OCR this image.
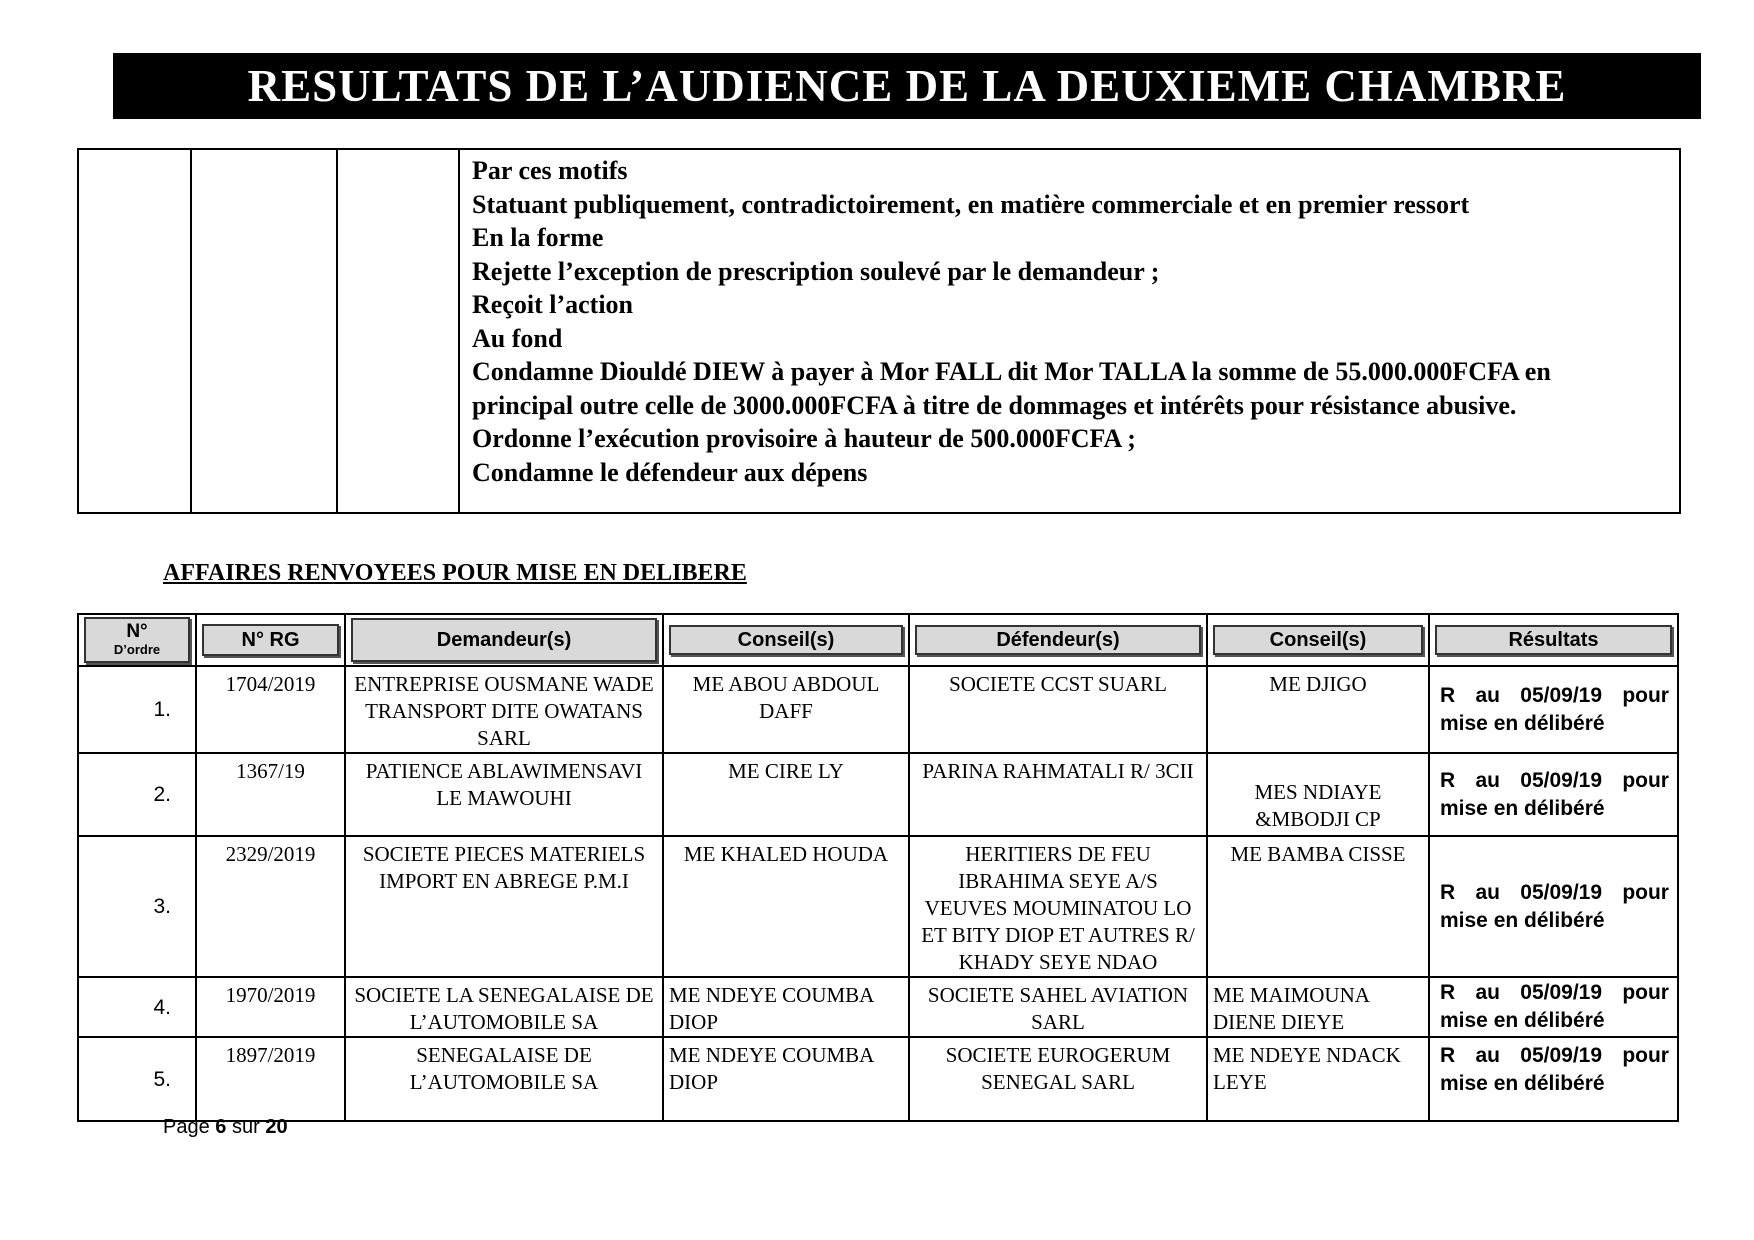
RESULTATS DE L’AUDIENCE DE LA DEUXIEME CHAMBRE

Par ces motifs
Statuant publiquement, contradictoirement, en matière commerciale et en premier ressort
En la forme
Rejette l’exception de prescription soulevé par le demandeur ;
Reçoit l’action
Au fond
Condamne Diouldé DIEW à payer à Mor FALL dit Mor TALLA la somme de 55.000.000FCFA en
principal outre celle de 3000.000FCFA à titre de dommages et intérêts pour résistance abusive.
Ordonne l’exécution provisoire à hauteur de 500.000FCFA ;
Condamne le défendeur aux dépens
AFFAIRES RENVOYEES POUR MISE EN DELIBERE
N°
D’ordre	N° RG	Demandeur(s)	Conseil(s)	Défendeur(s)	Conseil(s)	Résultats

1.	1704/2019	ENTREPRISE OUSMANE WADE TRANSPORT DITE OWATANS SARL	ME ABOU ABDOUL DAFF	SOCIETE CCST SUARL	ME DJIGO	R au 05/09/19 pour
mise en délibéré

2.	1367/19	PATIENCE ABLAWIMENSAVI LE MAWOUHI	ME CIRE LY	PARINA RAHMATALI R/ 3CII	MES NDIAYE &MBODJI CP	R au 05/09/19 pour
mise en délibéré

3.	2329/2019	SOCIETE PIECES MATERIELS IMPORT EN ABREGE P.M.I	ME KHALED HOUDA	HERITIERS DE FEU IBRAHIMA SEYE A/S VEUVES MOUMINATOU LO ET BITY DIOP ET AUTRES R/ KHADY SEYE NDAO	ME BAMBA CISSE	R au 05/09/19 pour
mise en délibéré

4.	1970/2019	SOCIETE LA SENEGALAISE DE L’AUTOMOBILE SA	ME NDEYE COUMBA DIOP	SOCIETE SAHEL AVIATION SARL	ME MAIMOUNA DIENE DIEYE	R au 05/09/19 pour
mise en délibéré

5.	1897/2019	SENEGALAISE DE L’AUTOMOBILE SA	ME NDEYE COUMBA DIOP	SOCIETE EUROGERUM SENEGAL SARL	ME NDEYE NDACK LEYE	R au 05/09/19 pour
mise en délibéré
Page 6 sur 20
